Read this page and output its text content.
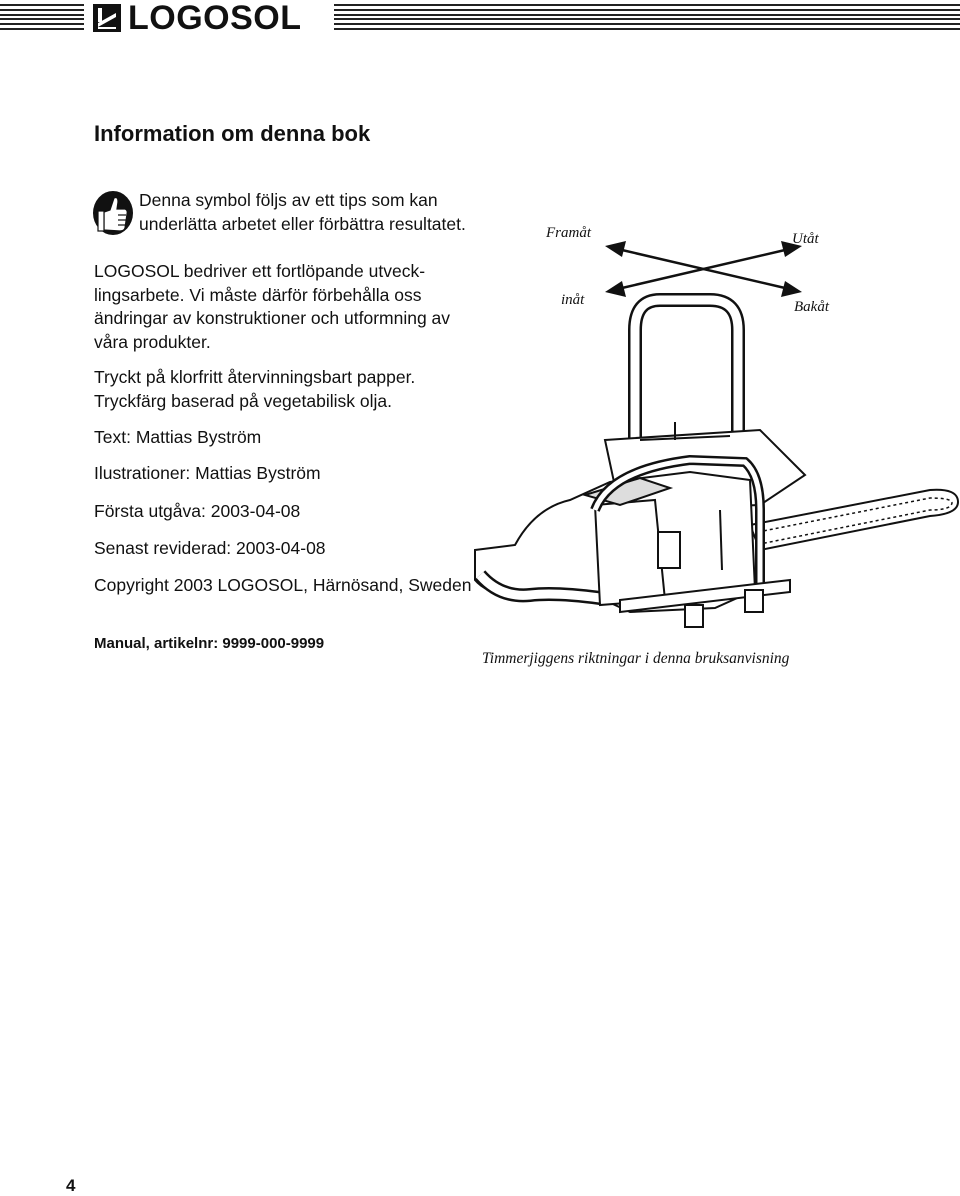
LOGOSOL
Information om denna bok

Denna symbol följs av ett tips som kan underlätta arbetet eller förbättra resultatet.

LOGOSOL bedriver ett fortlöpande utveck-lingsarbete. Vi måste därför förbehålla oss ändringar av konstruktioner och utformning av våra produkter.

Tryckt på klorfritt återvinningsbart papper.
Tryckfärg baserad på vegetabilisk olja.
Text: Mattias Byström
Ilustrationer: Mattias Byström
Första utgåva: 2003-04-08
Senast reviderad: 2003-04-08
Copyright 2003 LOGOSOL, Härnösand, Sweden
Manual, artikelnr: 9999-000-9999
Framåt	Utåt
inåt	Bakåt
Timmerjiggens riktningar i denna bruksanvisning
4
